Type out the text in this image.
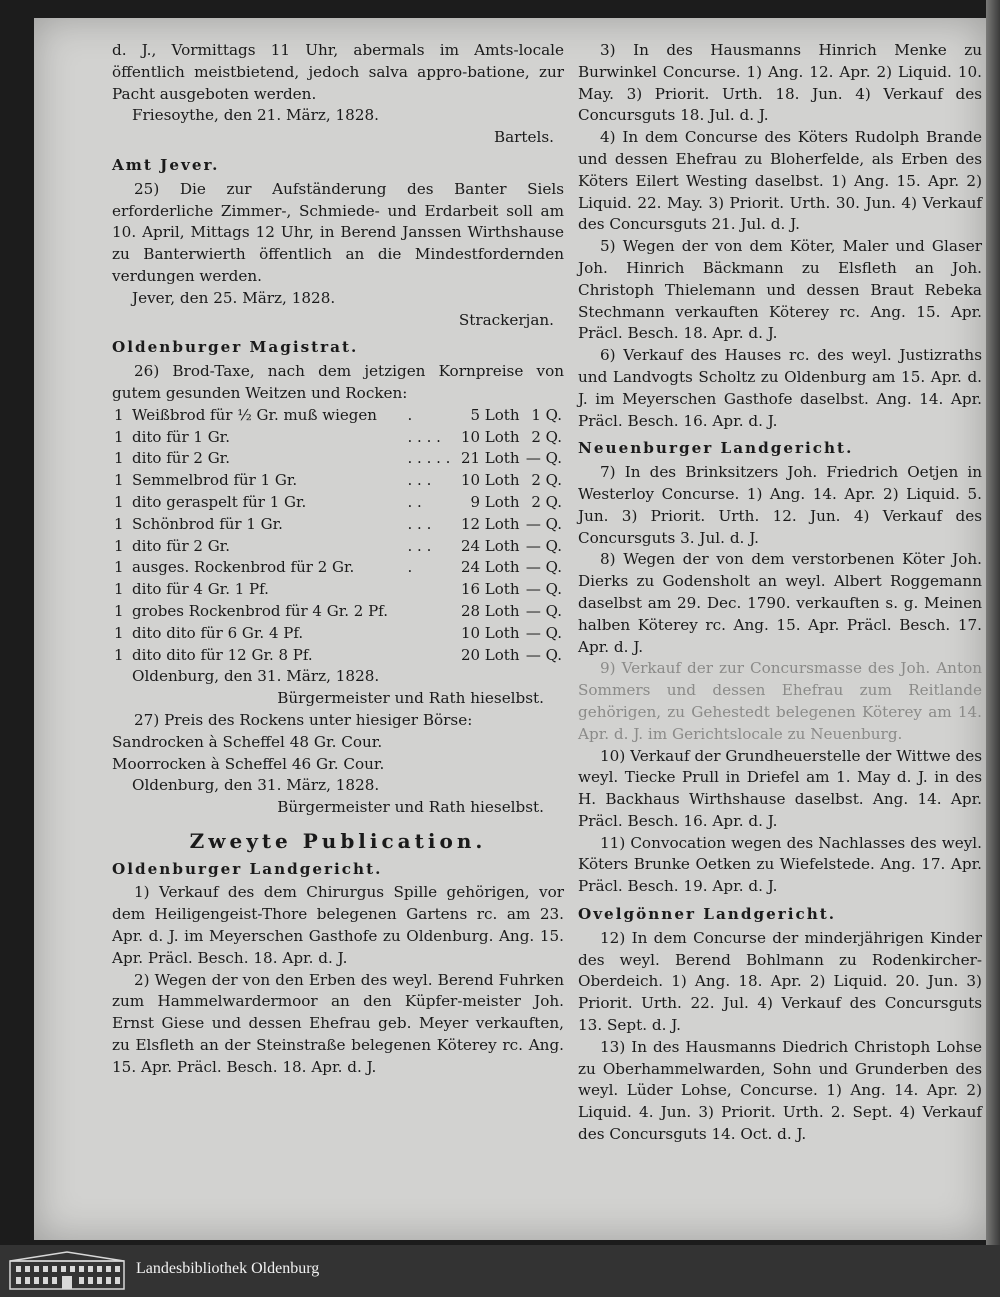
d. J., Vormittags 11 Uhr, abermals im Amts-locale öffentlich meistbietend, jedoch salva appro-batione, zur Pacht ausgeboten werden.

Friesoythe, den 21. März, 1828.

Bartels.

Amt Jever.

25) Die zur Aufständerung des Banter Siels erforderliche Zimmer-, Schmiede- und Erdarbeit soll am 10. April, Mittags 12 Uhr, in Berend Janssen Wirthshause zu Banterwierth öffentlich an die Mindestfordernden verdungen werden.

Jever, den 25. März, 1828.

Strackerjan.

Oldenburger Magistrat.

26) Brod-Taxe, nach dem jetzigen Kornpreise von gutem gesunden Weitzen und Rocken:

1	Weißbrod für ½ Gr. muß wiegen	.	5 Loth	1 Q.
1	dito für 1 Gr.	. . . .	10 Loth	2 Q.
1	dito für 2 Gr.	. . . . .	21 Loth	— Q.
1	Semmelbrod für 1 Gr.	. . .	10 Loth	2 Q.
1	dito geraspelt für 1 Gr.	. .	9 Loth	2 Q.
1	Schönbrod für 1 Gr.	. . .	12 Loth	— Q.
1	dito für 2 Gr.	. . .	24 Loth	— Q.
1	ausges. Rockenbrod für 2 Gr.	.	24 Loth	— Q.
1	dito für 4 Gr. 1 Pf.		16 Loth	— Q.
1	grobes Rockenbrod für 4 Gr. 2 Pf.		28 Loth	— Q.
1	dito dito für 6 Gr. 4 Pf.		10 Loth	— Q.
1	dito dito für 12 Gr. 8 Pf.		20 Loth	— Q.

Oldenburg, den 31. März, 1828.

Bürgermeister und Rath hieselbst.

27) Preis des Rockens unter hiesiger Börse:

Sandrocken à Scheffel 48 Gr. Cour.

Moorrocken à Scheffel 46 Gr. Cour.

Oldenburg, den 31. März, 1828.

Bürgermeister und Rath hieselbst.

Zweyte Publication.

Oldenburger Landgericht.

1) Verkauf des dem Chirurgus Spille gehörigen, vor dem Heiligengeist-Thore belegenen Gartens rc. am 23. Apr. d. J. im Meyerschen Gasthofe zu Oldenburg. Ang. 15. Apr. Präcl. Besch. 18. Apr. d. J.

2) Wegen der von den Erben des weyl. Berend Fuhrken zum Hammelwardermoor an den Küpfer-meister Joh. Ernst Giese und dessen Ehefrau geb. Meyer verkauften, zu Elsfleth an der Steinstraße belegenen Köterey rc. Ang. 15. Apr. Präcl. Besch. 18. Apr. d. J.

3) In des Hausmanns Hinrich Menke zu Burwinkel Concurse. 1) Ang. 12. Apr. 2) Liquid. 10. May. 3) Priorit. Urth. 18. Jun. 4) Verkauf des Concursguts 18. Jul. d. J.

4) In dem Concurse des Köters Rudolph Brande und dessen Ehefrau zu Bloherfelde, als Erben des Köters Eilert Westing daselbst. 1) Ang. 15. Apr. 2) Liquid. 22. May. 3) Priorit. Urth. 30. Jun. 4) Verkauf des Concursguts 21. Jul. d. J.

5) Wegen der von dem Köter, Maler und Glaser Joh. Hinrich Bäckmann zu Elsfleth an Joh. Christoph Thielemann und dessen Braut Rebeka Stechmann verkauften Köterey rc. Ang. 15. Apr. Präcl. Besch. 18. Apr. d. J.

6) Verkauf des Hauses rc. des weyl. Justizraths und Landvogts Scholtz zu Oldenburg am 15. Apr. d. J. im Meyerschen Gasthofe daselbst. Ang. 14. Apr. Präcl. Besch. 16. Apr. d. J.

Neuenburger Landgericht.

7) In des Brinksitzers Joh. Friedrich Oetjen in Westerloy Concurse. 1) Ang. 14. Apr. 2) Liquid. 5. Jun. 3) Priorit. Urth. 12. Jun. 4) Verkauf des Concursguts 3. Jul. d. J.

8) Wegen der von dem verstorbenen Köter Joh. Dierks zu Godensholt an weyl. Albert Roggemann daselbst am 29. Dec. 1790. verkauften s. g. Meinen halben Köterey rc. Ang. 15. Apr. Präcl. Besch. 17. Apr. d. J.

9) Verkauf der zur Concursmasse des Joh. Anton Sommers und dessen Ehefrau zum Reitlande gehörigen, zu Gehestedt belegenen Köterey am 14. Apr. d. J. im Gerichtslocale zu Neuenburg.

10) Verkauf der Grundheuerstelle der Wittwe des weyl. Tiecke Prull in Driefel am 1. May d. J. in des H. Backhaus Wirthshause daselbst. Ang. 14. Apr. Präcl. Besch. 16. Apr. d. J.

11) Convocation wegen des Nachlasses des weyl. Köters Brunke Oetken zu Wiefelstede. Ang. 17. Apr. Präcl. Besch. 19. Apr. d. J.

Ovelgönner Landgericht.

12) In dem Concurse der minderjährigen Kinder des weyl. Berend Bohlmann zu Rodenkircher-Oberdeich. 1) Ang. 18. Apr. 2) Liquid. 20. Jun. 3) Priorit. Urth. 22. Jul. 4) Verkauf des Concursguts 13. Sept. d. J.

13) In des Hausmanns Diedrich Christoph Lohse zu Oberhammelwarden, Sohn und Grunderben des weyl. Lüder Lohse, Concurse. 1) Ang. 14. Apr. 2) Liquid. 4. Jun. 3) Priorit. Urth. 2. Sept. 4) Verkauf des Concursguts 14. Oct. d. J.

Landesbibliothek Oldenburg
